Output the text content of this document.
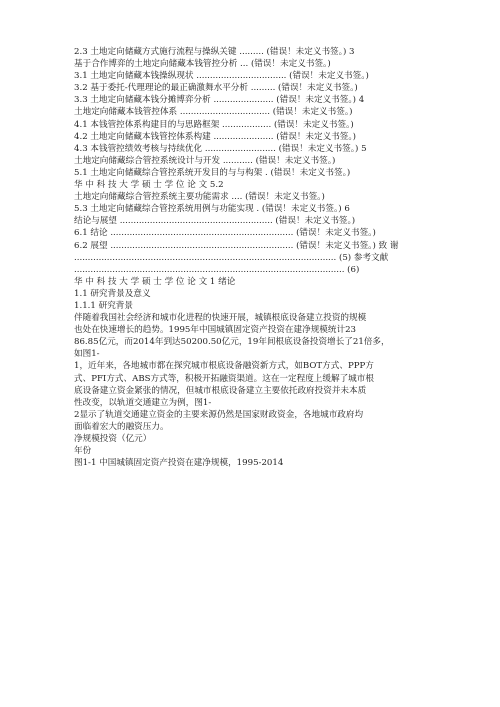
2.3 土地定向储藏方式施行流程与操纵关键 ......... (错误！未定义书签。) 3
基于合作博弈的土地定向储藏本钱管控分析 ... (错误！未定义书签。)
3.1 土地定向储藏本钱操纵现状 ................................. (错误！未定义书签。)
3.2 基于委托-代理理论的最正确激舞水平分析 ......... (错误！未定义书签。)
3.3 土地定向储藏本钱分摊博弈分析 ...................... (错误！未定义书签。) 4
土地定向储藏本钱管控体系 ................................. (错误！未定义书签。)
4.1 本钱管控体系构建目的与思路框架 .................. (错误！未定义书签。)
4.2 土地定向储藏本钱管控体系构建 ...................... (错误！未定义书签。)
4.3 本钱管控绩效考核与持续优化 .......................... (错误！未定义书签。) 5
土地定向储藏综合管控系统设计与开发 ........... (错误！未定义书签。)
5.1 土地定向储藏综合管控系统开发目的与与构架 . (错误！未定义书签。)
华 中 科 技 大 学 硕 士 学 位 论 文 5.2
土地定向储藏综合管控系统主要功能需求 .... (错误！未定义书签。)
5.3 土地定向储藏综合管控系统用例与功能实现 . (错误！未定义书签。) 6
结论与展望 ........................................................ (错误！未定义书签。)
6.1 结论 ................................................................... (错误！未定义书签。)
6.2 展望 ................................................................... (错误！未定义书签。) 致 谢
................................................................................................ (5) 参考文献
................................................................................................... (6)
华 中 科 技 大 学 硕 士 学 位 论 文 1 绪论
1.1 研究背景及意义
1.1.1 研究背景
伴随着我国社会经济和城市化进程的快速开展，城镇根底设备建立投资的规模
也处在快速增长的趋势。1995年中国城镇固定资产投资在建净规模统计23
86.85亿元，而2014年到达50200.50亿元，19年间根底设备投资增长了21倍多，
如图1-
1，近年来，各地城市都在探究城市根底设备融资新方式，如BOT方式、PPP方
式、PFI方式、ABS方式等，积极开拓融资渠道。这在一定程度上缓解了城市根
底设备建立资金紧张的情况，但城市根底设备建立主要依托政府投资并未本质
性改变，以轨道交通建立为例，图1-
2显示了轨道交通建立资金的主要来源仍然是国家财政资金，各地城市政府均
面临着宏大的融资压力。
净规模投资（亿元）
年份
图1-1 中国城镇固定资产投资在建净规模，1995-2014
